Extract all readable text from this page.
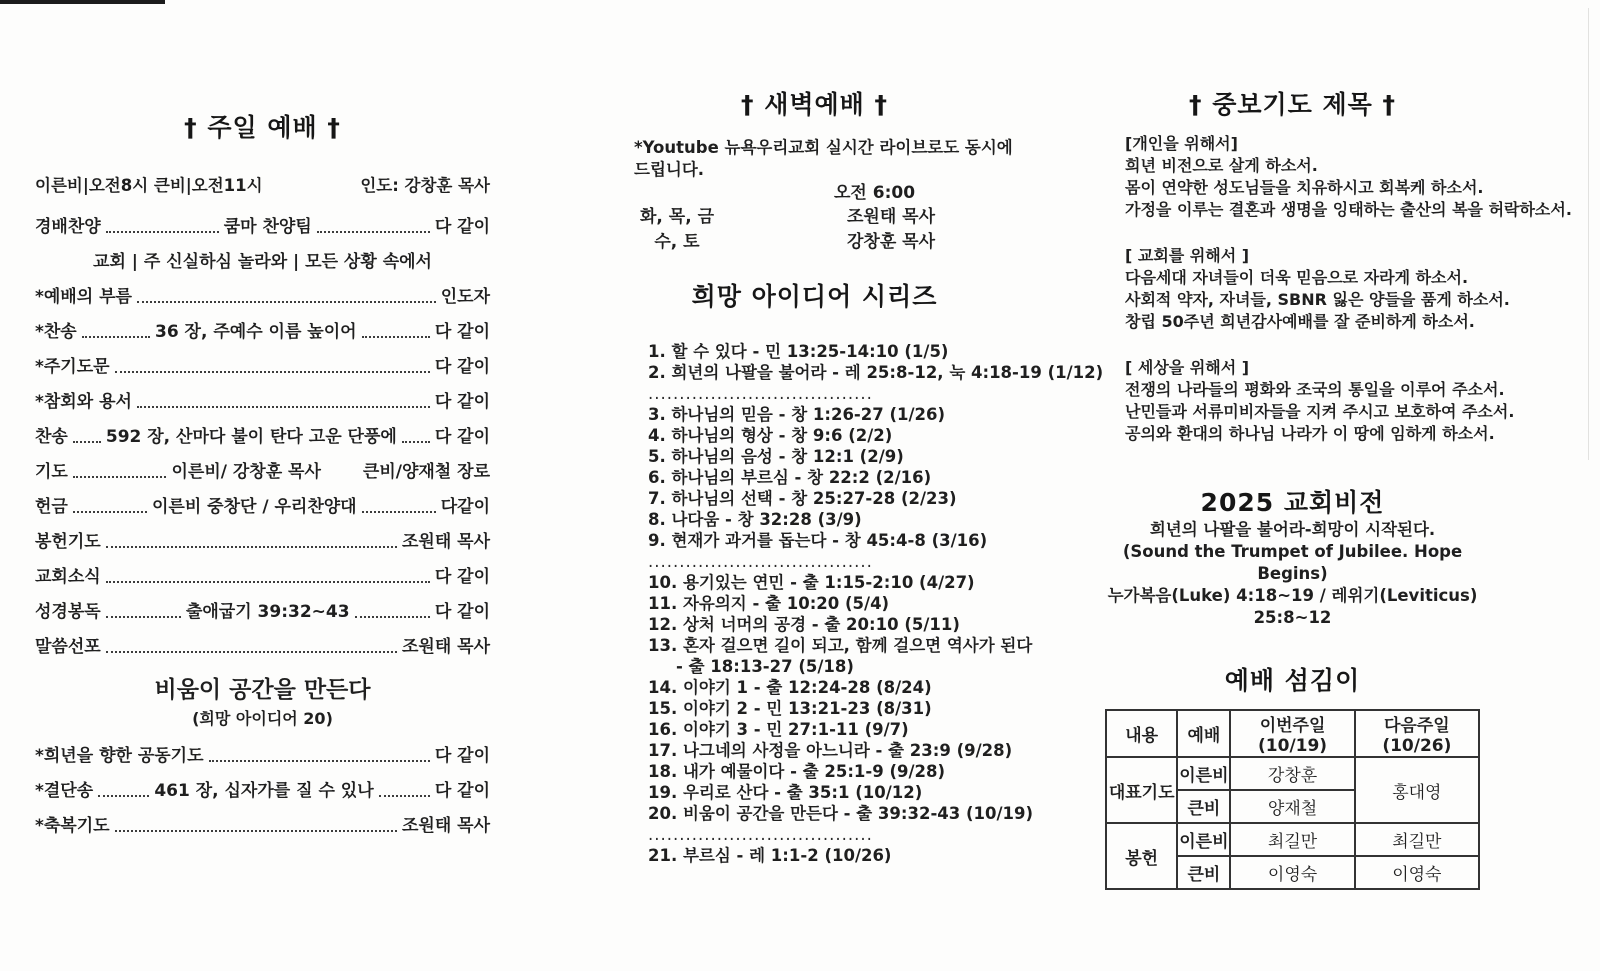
† 주일 예배 †
이른비|오전8시 큰비|오전11시	인도: 강창훈 목사
경배찬양	쿰마 찬양팀	다 같이
교회 | 주 신실하심 놀라와 | 모든 상황 속에서
*예배의 부름	인도자
*찬송	36 장, 주예수 이름 높이어	다 같이
*주기도문	다 같이
*참회와 용서	다 같이
찬송 592 장, 산마다 불이 탄다 고운 단풍에 다 같이
기도	이른비/ 강창훈 목사 큰비/양재철 장로
헌금	이른비 중창단 / 우리찬양대	다같이
봉헌기도	조원태 목사
교회소식	다 같이
성경봉독	출애굽기 39:32~43	다 같이
말씀선포	조원태 목사
비움이 공간을 만든다
(희망 아이디어 20)
*희년을 향한 공동기도	다 같이
*결단송	461 장, 십자가를 질 수 있나	다 같이
*축복기도	조원태 목사
† 새벽예배 †
*Youtube 뉴욕우리교회 실시간 라이브로도 동시에 드립니다.
오전 6:00
화, 목, 금	조원태 목사
수, 토	강창훈 목사
희망 아이디어 시리즈
1. 할 수 있다 - 민 13:25-14:10 (1/5)
2. 희년의 나팔을 불어라 - 레 25:8-12, 눅 4:18-19 (1/12)
....................................
3. 하나님의 믿음 - 창 1:26-27 (1/26)
4. 하나님의 형상 - 창 9:6 (2/2)
5. 하나님의 음성 - 창 12:1 (2/9)
6. 하나님의 부르심 - 창 22:2 (2/16)
7. 하나님의 선택 - 창 25:27-28 (2/23)
8. 나다움 - 창 32:28 (3/9)
9. 현재가 과거를 돕는다 - 창 45:4-8 (3/16)
....................................
10. 용기있는 연민 - 출 1:15-2:10 (4/27)
11. 자유의지 - 출 10:20 (5/4)
12. 상처 너머의 공경 - 출 20:10 (5/11)
13. 혼자 걸으면 길이 되고, 함께 걸으면 역사가 된다
- 출 18:13-27 (5/18)
14. 이야기 1 - 출 12:24-28 (8/24)
15. 이야기 2 - 민 13:21-23 (8/31)
16. 이야기 3 - 민 27:1-11 (9/7)
17. 나그네의 사정을 아느니라 - 출 23:9 (9/28)
18. 내가 예물이다 - 출 25:1-9 (9/28)
19. 우리로 산다 - 출 35:1 (10/12)
20. 비움이 공간을 만든다 - 출 39:32-43 (10/19)
....................................
21. 부르심 - 레 1:1-2 (10/26)
† 중보기도 제목 †
[개인을 위해서]
희년 비전으로 살게 하소서.
몸이 연약한 성도님들을 치유하시고 회복케 하소서.
가정을 이루는 결혼과 생명을 잉태하는 출산의 복을 허락하소서.
[ 교회를 위해서 ]
다음세대 자녀들이 더욱 믿음으로 자라게 하소서.
사회적 약자, 자녀들, SBNR 잃은 양들을 품게 하소서.
창립 50주년 희년감사예배를 잘 준비하게 하소서.
[ 세상을 위해서 ]
전쟁의 나라들의 평화와 조국의 통일을 이루어 주소서.
난민들과 서류미비자들을 지켜 주시고 보호하여 주소서.
공의와 환대의 하나님 나라가 이 땅에 임하게 하소서.
2025 교회비전
희년의 나팔을 불어라-희망이 시작된다.
(Sound the Trumpet of Jubilee. Hope Begins)
누가복음(Luke) 4:18~19 / 레위기(Leviticus) 25:8~12
예배 섬김이
내용	예배	이번주일(10/19)	다음주일(10/26)
대표기도	이른비	강창훈	홍대영
	큰비	양재철	
봉헌	이른비	최길만	최길만
	큰비	이영숙	이영숙
